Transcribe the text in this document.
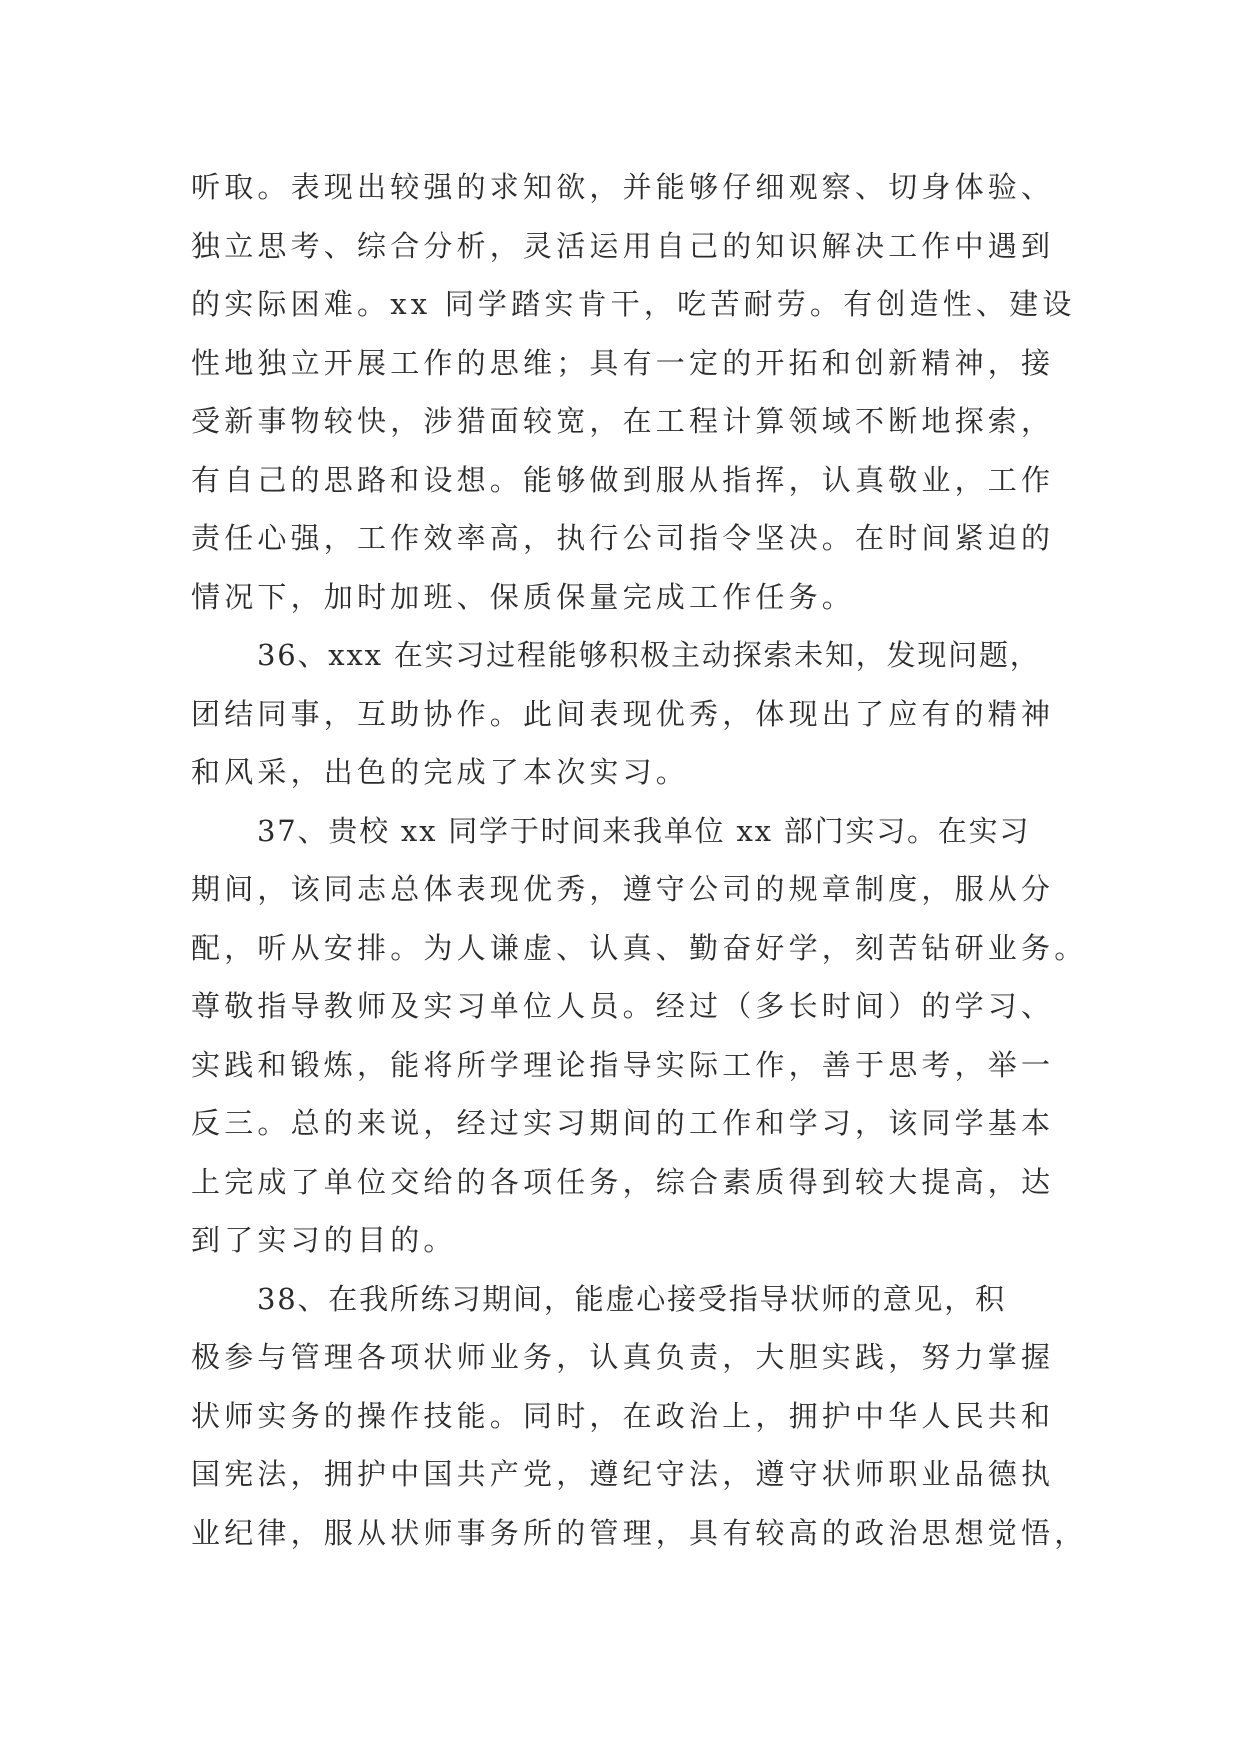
听取。表现出较强的求知欲，并能够仔细观察、切身体验、
独立思考、综合分析，灵活运用自己的知识解决工作中遇到
的实际困难。xx 同学踏实肯干，吃苦耐劳。有创造性、建设
性地独立开展工作的思维；具有一定的开拓和创新精神，接
受新事物较快，涉猎面较宽，在工程计算领域不断地探索，
有自己的思路和设想。能够做到服从指挥，认真敬业，工作
责任心强，工作效率高，执行公司指令坚决。在时间紧迫的
情况下，加时加班、保质保量完成工作任务。

36、xxx 在实习过程能够积极主动探索未知，发现问题，
团结同事，互助协作。此间表现优秀，体现出了应有的精神
和风采，出色的完成了本次实习。

37、贵校 xx 同学于时间来我单位 xx 部门实习。在实习
期间，该同志总体表现优秀，遵守公司的规章制度，服从分
配，听从安排。为人谦虚、认真、勤奋好学，刻苦钻研业务。
尊敬指导教师及实习单位人员。经过（多长时间）的学习、
实践和锻炼，能将所学理论指导实际工作，善于思考，举一
反三。总的来说，经过实习期间的工作和学习，该同学基本
上完成了单位交给的各项任务，综合素质得到较大提高，达
到了实习的目的。

38、在我所练习期间，能虚心接受指导状师的意见，积
极参与管理各项状师业务，认真负责，大胆实践，努力掌握
状师实务的操作技能。同时，在政治上，拥护中华人民共和
国宪法，拥护中国共产党，遵纪守法，遵守状师职业品德执
业纪律，服从状师事务所的管理，具有较高的政治思想觉悟，
